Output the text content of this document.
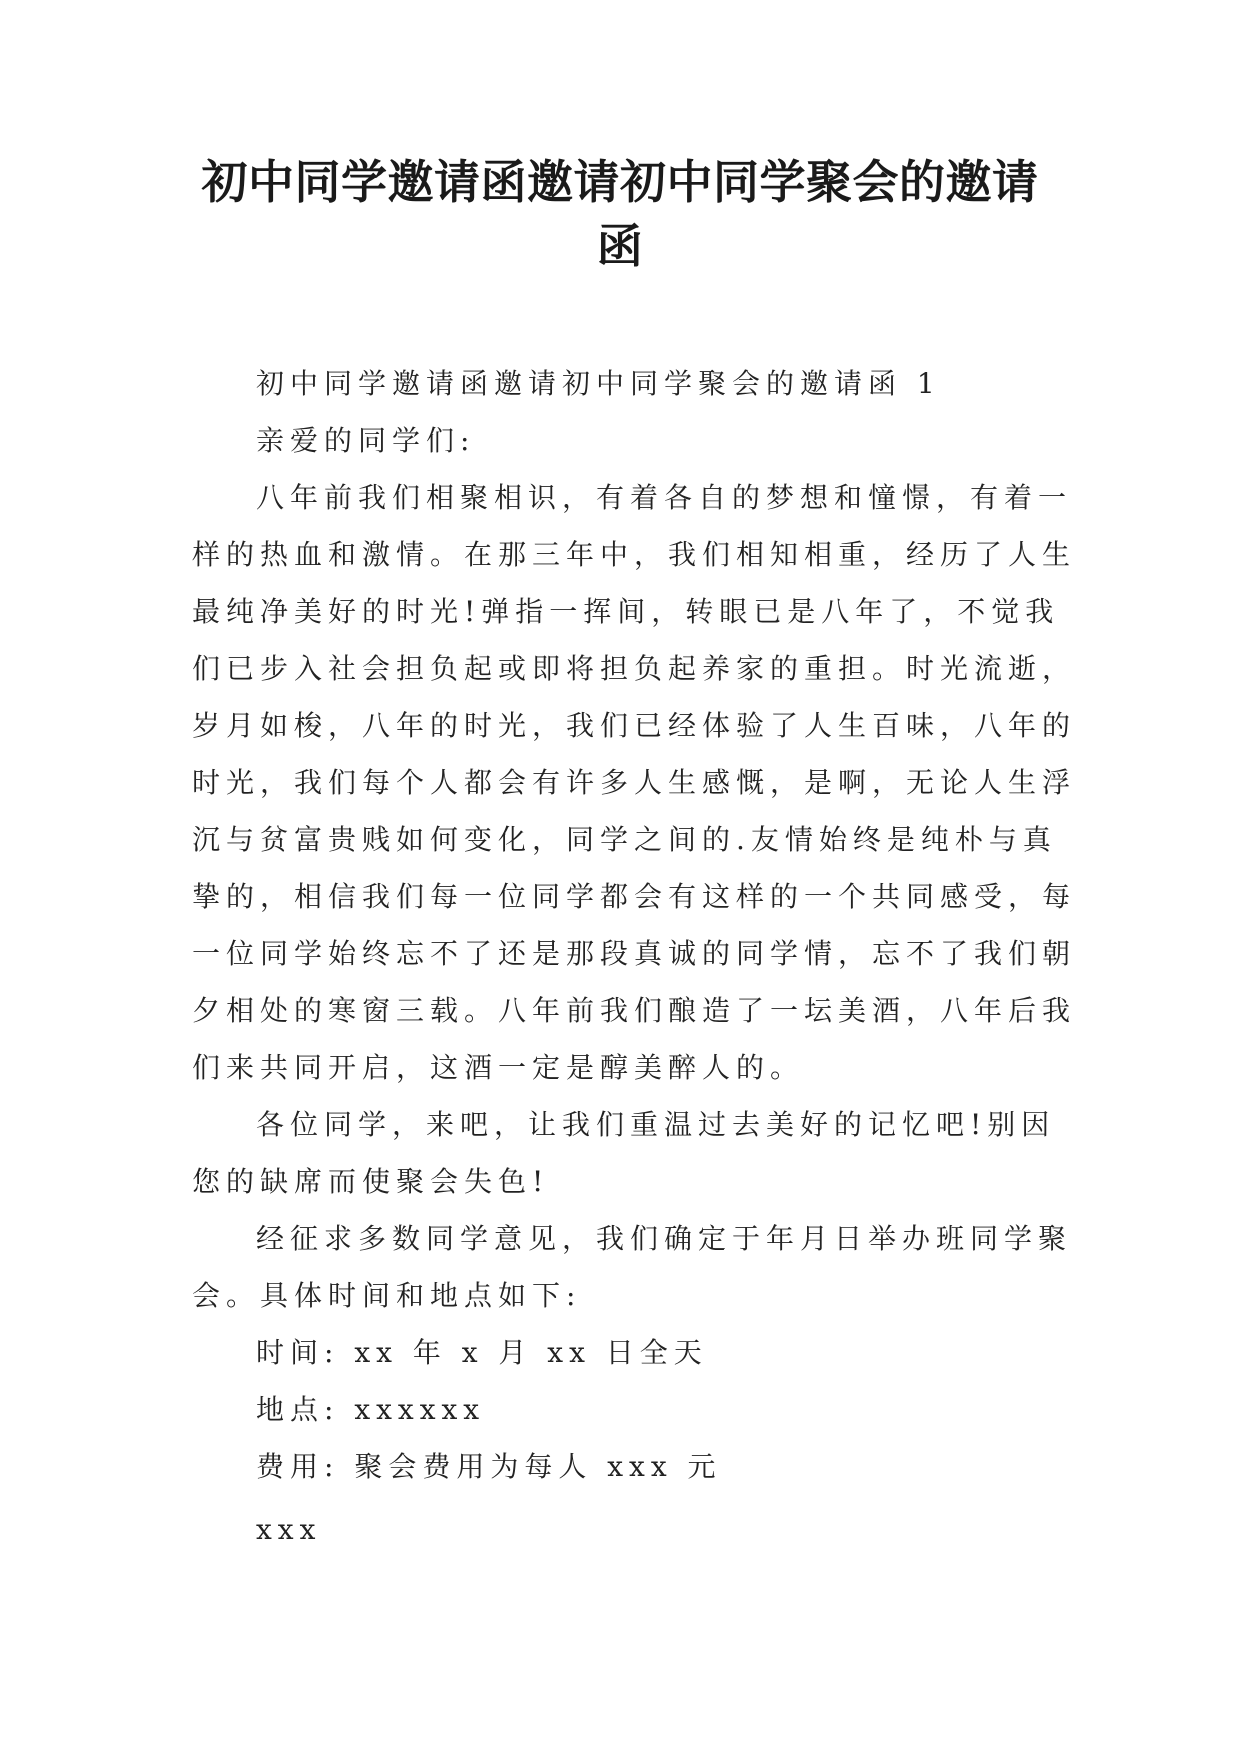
初中同学邀请函邀请初中同学聚会的邀请
函

初中同学邀请函邀请初中同学聚会的邀请函 1

亲爱的同学们:

八年前我们相聚相识，有着各自的梦想和憧憬，有着一

样的热血和激情。在那三年中，我们相知相重，经历了人生

最纯净美好的时光!弹指一挥间，转眼已是八年了，不觉我

们已步入社会担负起或即将担负起养家的重担。时光流逝，

岁月如梭，八年的时光，我们已经体验了人生百味，八年的

时光，我们每个人都会有许多人生感慨，是啊，无论人生浮

沉与贫富贵贱如何变化，同学之间的.友情始终是纯朴与真

挚的，相信我们每一位同学都会有这样的一个共同感受，每

一位同学始终忘不了还是那段真诚的同学情，忘不了我们朝

夕相处的寒窗三载。八年前我们酿造了一坛美酒，八年后我

们来共同开启，这酒一定是醇美醉人的。

各位同学，来吧，让我们重温过去美好的记忆吧!别因

您的缺席而使聚会失色!

经征求多数同学意见，我们确定于年月日举办班同学聚

会。具体时间和地点如下:

时间: xx 年 x 月 xx 日全天

地点: xxxxxx

费用: 聚会费用为每人 xxx 元

xxx
